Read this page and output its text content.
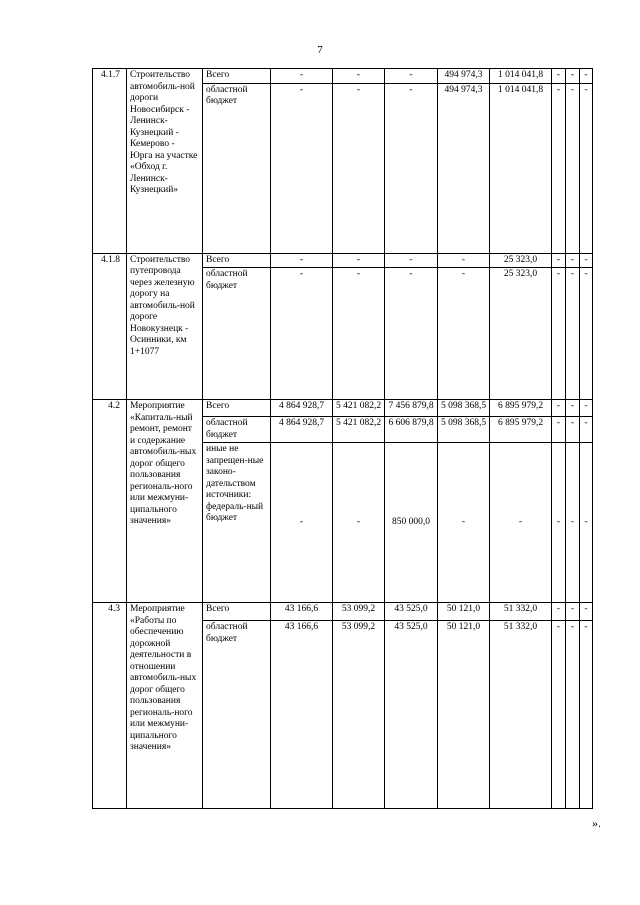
7
4.1.7	Строительство автомобиль-ной дороги Новосибирск - Ленинск-Кузнецкий - Кемерово - Юрга на участке «Обход г. Ленинск-Кузнецкий»	Всего	-	-	-	494 974,3	1 014 041,8	-	-	-
		областной бюджет	-	-	-	494 974,3	1 014 041,8	-	-	-
4.1.8	Строительство путепровода через железную дорогу на автомобиль-ной дороге Новокузнецк - Осинники, км 1+1077	Всего	-	-	-	-	25 323,0	-	-	-
		областной бюджет	-	-	-	-	25 323,0	-	-	-
4.2	Мероприятие «Капиталь-ный ремонт, ремонт и содержание автомобиль-ных дорог общего пользования региональ-ного или межмуни-ципального значения»	Всего	4 864 928,7	5 421 082,2	7 456 879,8	5 098 368,5	6 895 979,2	-	-	-
		областной бюджет	4 864 928,7	5 421 082,2	6 606 879,8	5 098 368,5	6 895 979,2	-	-	-
		иные не запрещен-ные законо-дательством источники: федераль-ный бюджет	-	-	850 000,0	-	-	-	-	-
4.3	Мероприятие «Работы по обеспечению дорожной деятельности в отношении автомобиль-ных дорог общего пользования региональ-ного или межмуни-ципального значения»	Всего	43 166,6	53 099,2	43 525,0	50 121,0	51 332,0	-	-	-
		областной бюджет	43 166,6	53 099,2	43 525,0	50 121,0	51 332,0	-	-	-
».
